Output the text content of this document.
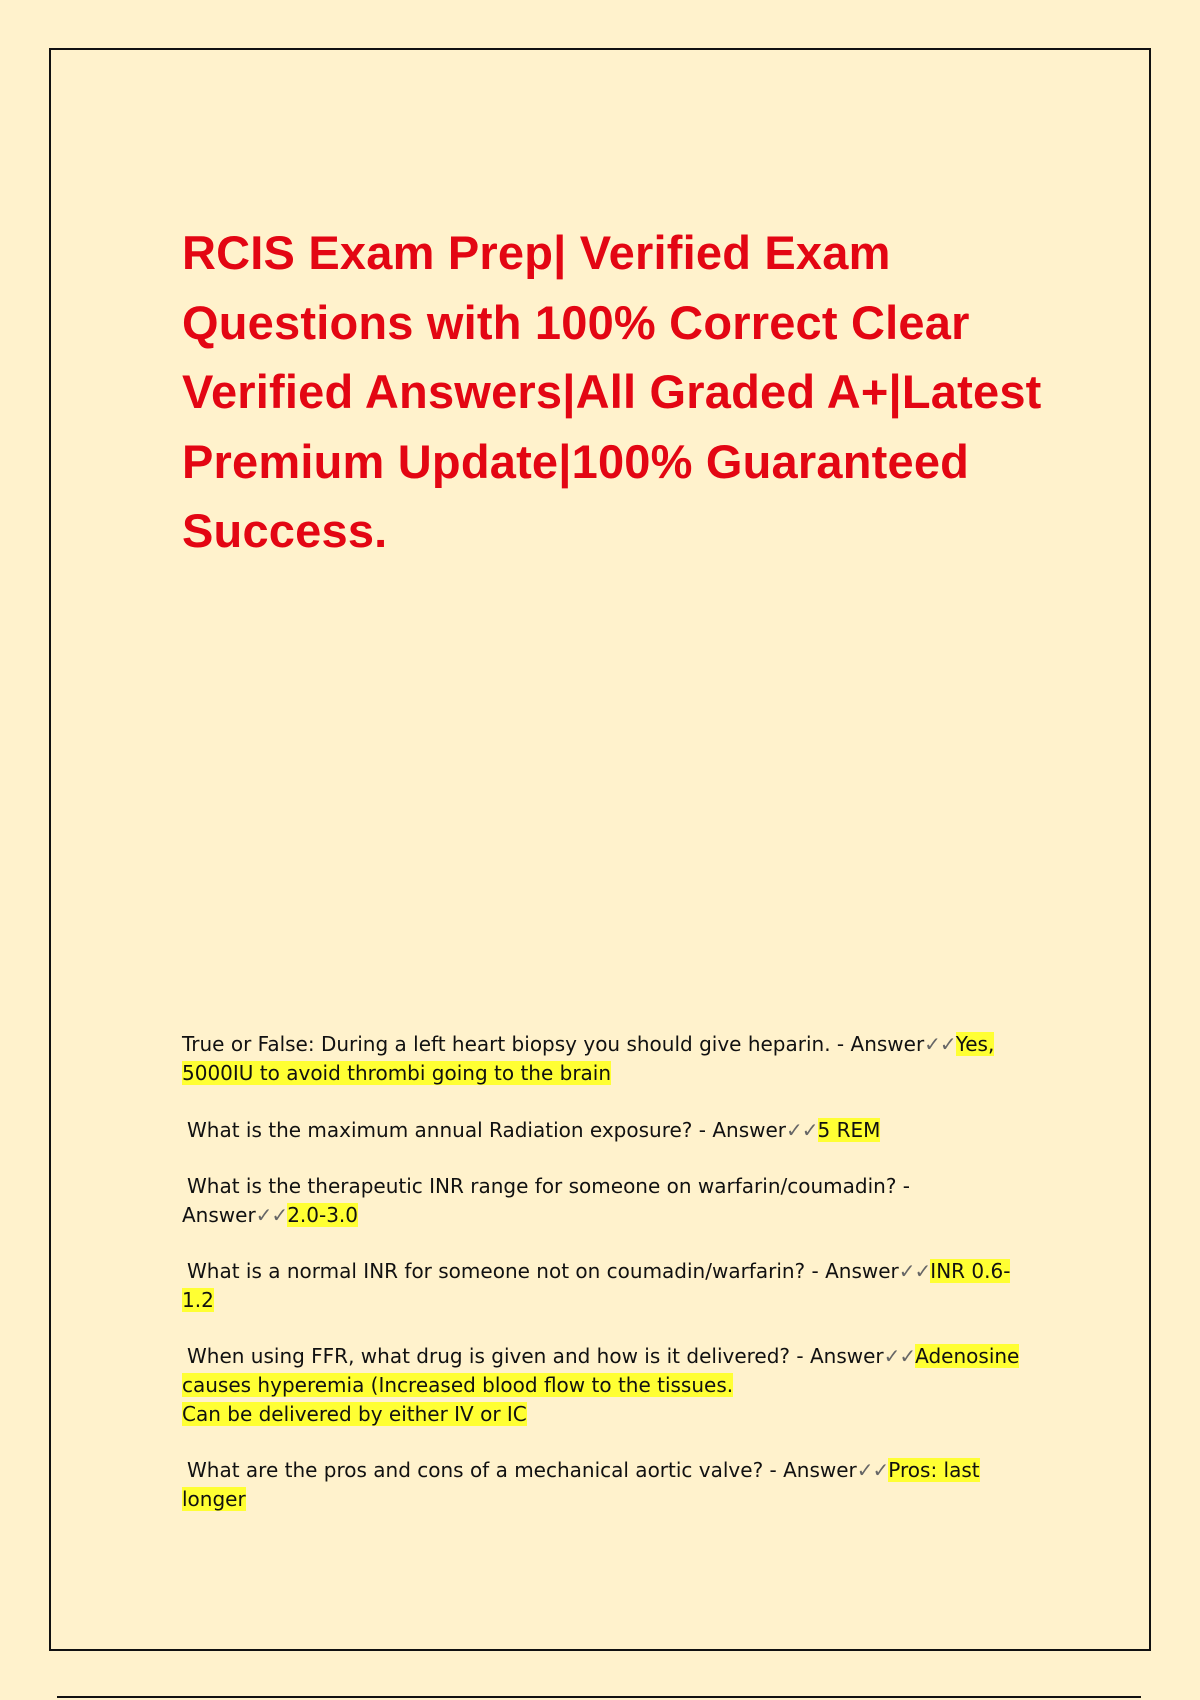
RCIS Exam Prep| Verified Exam Questions with 100% Correct Clear Verified Answers|All Graded A+|Latest Premium Update|100% Guaranteed Success.

True or False: During a left heart biopsy you should give heparin. - Answer✓✓Yes, 5000IU to avoid thrombi going to the brain

What is the maximum annual Radiation exposure? - Answer✓✓5 REM

What is the therapeutic INR range for someone on warfarin/coumadin? - Answer✓✓2.0-3.0

What is a normal INR for someone not on coumadin/warfarin? - Answer✓✓INR 0.6-1.2

When using FFR, what drug is given and how is it delivered? - Answer✓✓Adenosine causes hyperemia (Increased blood flow to the tissues.
Can be delivered by either IV or IC

What are the pros and cons of a mechanical aortic valve? - Answer✓✓Pros: last longer
